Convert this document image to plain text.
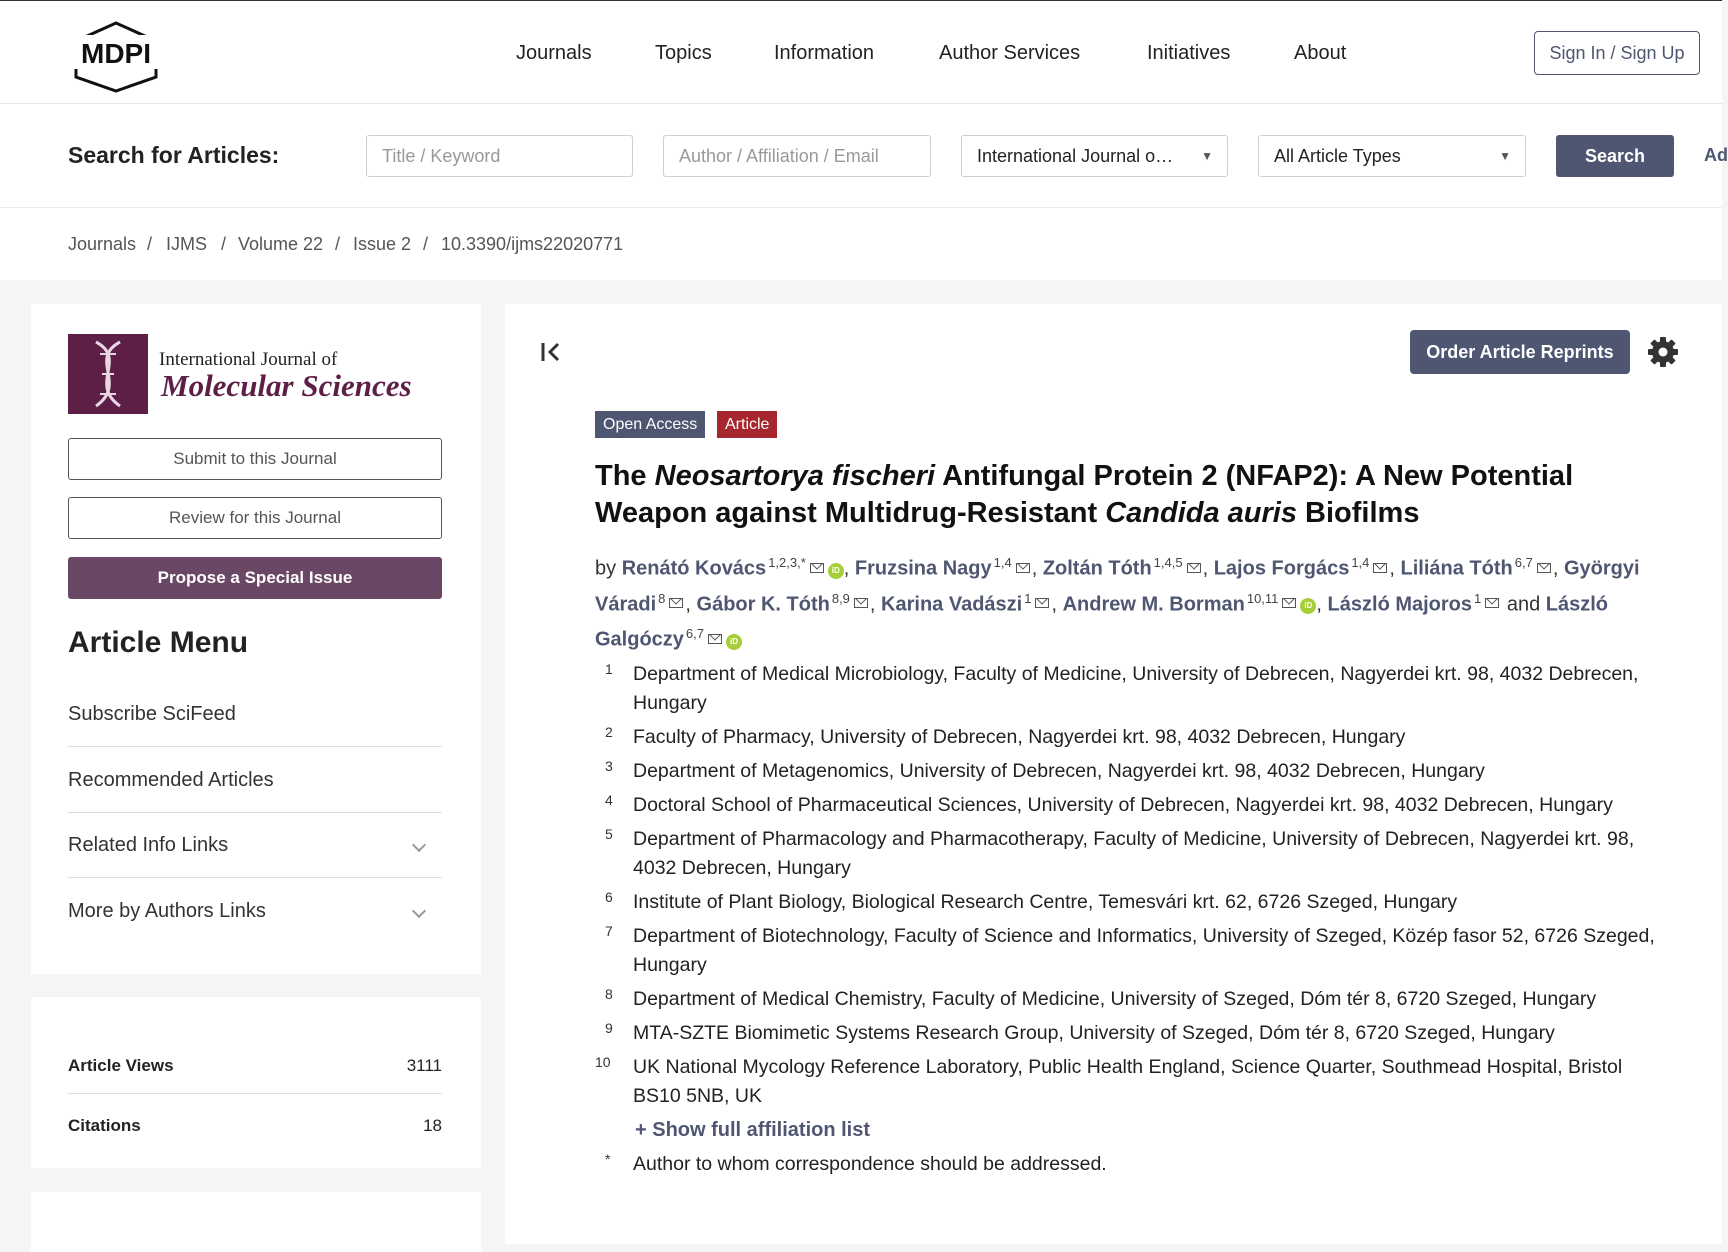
MDPI	Journals	Topics	Information	Author Services	Initiatives	About	Sign In / Sign Up
Search for Articles:	Title / Keyword	Author / Affiliation / Email	International Journal o… ▼	All Article Types	▼	Search	Ad
Journals / IJMS / Volume 22 / Issue 2 / 10.3390/ijms22020771
International Journal of
Molecular Sciences
Submit to this Journal
Review for this Journal
Propose a Special Issue
Article Menu
Subscribe SciFeed
Recommended Articles
Related Info Links
More by Authors Links
Article Views	3111
Citations	18
Order Article Reprints
Open Access	Article
The Neosartorya fischeri Antifungal Protein 2 (NFAP2): A New Potential Weapon against Multidrug-Resistant Candida auris Biofilms
by Renátó Kovács $^{1,2,3,*}$iD , Fruzsina Nagy $^{1,4}$ , Zoltán Tóth $^{1,4,5}$ , Lajos Forgács $^{1,4}$ , Liliána Tóth $^{6,7}$ , Györgyi Váradi $^8$ , Gábor K. Tóth $^{8,9}$ , Karina Vadászi $^1$ , Andrew M. Borman $^{10,11}$iD , László Majoros $^1$ and László Galgóczy $^{6,7}$iD
1 Department of Medical Microbiology, Faculty of Medicine, University of Debrecen, Nagyerdei krt. 98, 4032 Debrecen, Hungary
2 Faculty of Pharmacy, University of Debrecen, Nagyerdei krt. 98, 4032 Debrecen, Hungary
3 Department of Metagenomics, University of Debrecen, Nagyerdei krt. 98, 4032 Debrecen, Hungary
4 Doctoral School of Pharmaceutical Sciences, University of Debrecen, Nagyerdei krt. 98, 4032 Debrecen, Hungary
5 Department of Pharmacology and Pharmacotherapy, Faculty of Medicine, University of Debrecen, Nagyerdei krt. 98, 4032 Debrecen, Hungary
6 Institute of Plant Biology, Biological Research Centre, Temesvári krt. 62, 6726 Szeged, Hungary
7 Department of Biotechnology, Faculty of Science and Informatics, University of Szeged, Közép fasor 52, 6726 Szeged, Hungary
8 Department of Medical Chemistry, Faculty of Medicine, University of Szeged, Dóm tér 8, 6720 Szeged, Hungary
9 MTA-SZTE Biomimetic Systems Research Group, University of Szeged, Dóm tér 8, 6720 Szeged, Hungary
10 UK National Mycology Reference Laboratory, Public Health England, Science Quarter, Southmead Hospital, Bristol BS10 5NB, UK
+ Show full affiliation list
* Author to whom correspondence should be addressed.
